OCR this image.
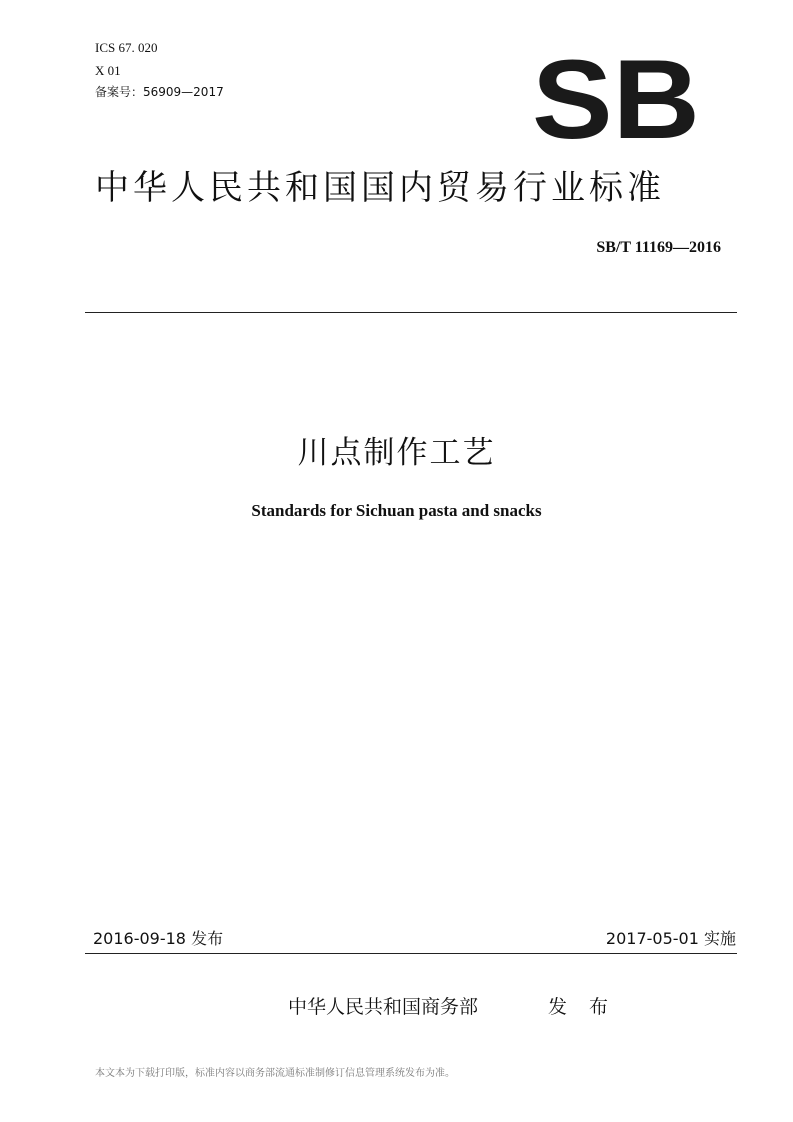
ICS 67. 020

X 01

备案号：56909—2017	SB

中华人民共和国国内贸易行业标准

SB/T 11169—2016

川点制作工艺

Standards for Sichuan pasta and snacks

2016-09-18 发布	2017-05-01 实施

中华人民共和国商务部	发 布

本文本为下载打印版，标准内容以商务部流通标准制修订信息管理系统发布为准。
